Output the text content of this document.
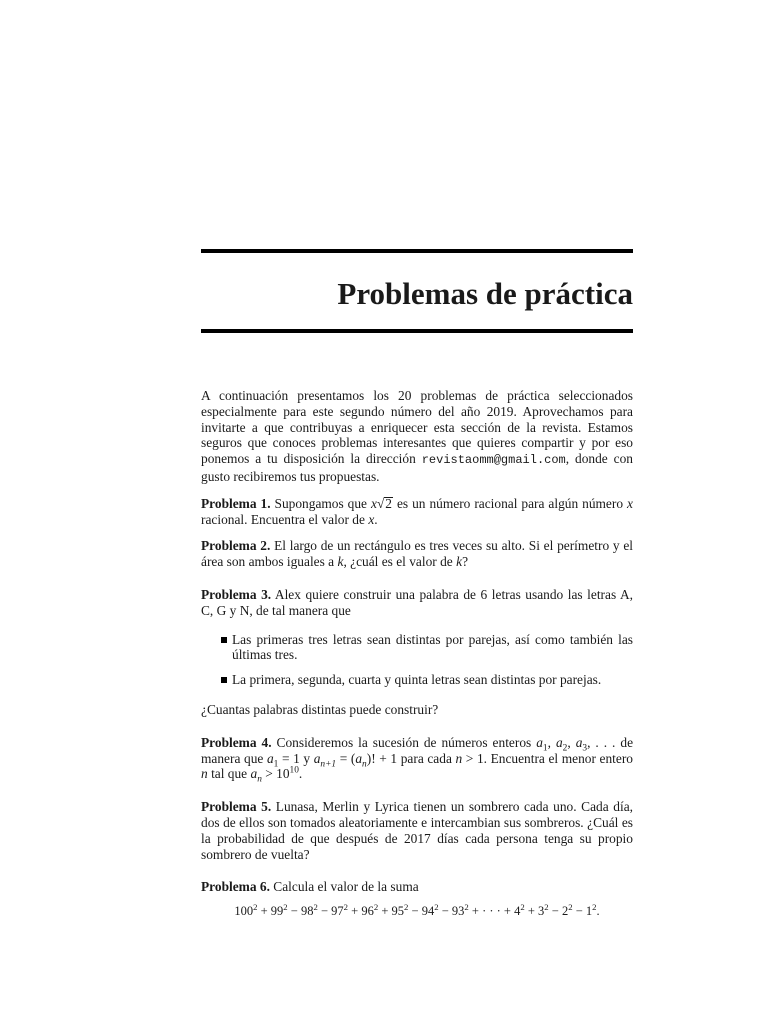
Problemas de práctica

A continuación presentamos los 20 problemas de práctica seleccionados especialmente para este segundo número del año 2019. Aprovechamos para invitarte a que contribuyas a enriquecer esta sección de la revista. Estamos seguros que conoces problemas interesantes que quieres compartir y por eso ponemos a tu disposición la dirección revistaomm@gmail.com, donde con gusto recibiremos tus propuestas.

Problema 1. Supongamos que x√2 es un número racional para algún número x racional. Encuentra el valor de x.

Problema 2. El largo de un rectángulo es tres veces su alto. Si el perímetro y el área son ambos iguales a k, ¿cuál es el valor de k?

Problema 3. Alex quiere construir una palabra de 6 letras usando las letras A, C, G y N, de tal manera que

Las primeras tres letras sean distintas por parejas, así como también las últimas tres.
La primera, segunda, cuarta y quinta letras sean distintas por parejas.

¿Cuantas palabras distintas puede construir?

Problema 4. Consideremos la sucesión de números enteros $a_1$, $a_2$, $a_3$, . . . de manera que $a_1 = 1$ y $a_{n+1} = (a_n)$! + 1 para cada n > 1. Encuentra el menor entero n tal que $a_n > 10^{10}$.

Problema 5. Lunasa, Merlin y Lyrica tienen un sombrero cada uno. Cada día, dos de ellos son tomados aleatoriamente e intercambian sus sombreros. ¿Cuál es la probabilidad de que después de 2017 días cada persona tenga su propio sombrero de vuelta?

Problema 6. Calcula el valor de la suma

$100^2 + 99^2 - 98^2 - 97^2 + 96^2 + 95^2 - 94^2 - 93^2$ + · · · + $4^2 + 3^2 - 2^2 - 1^2$.
